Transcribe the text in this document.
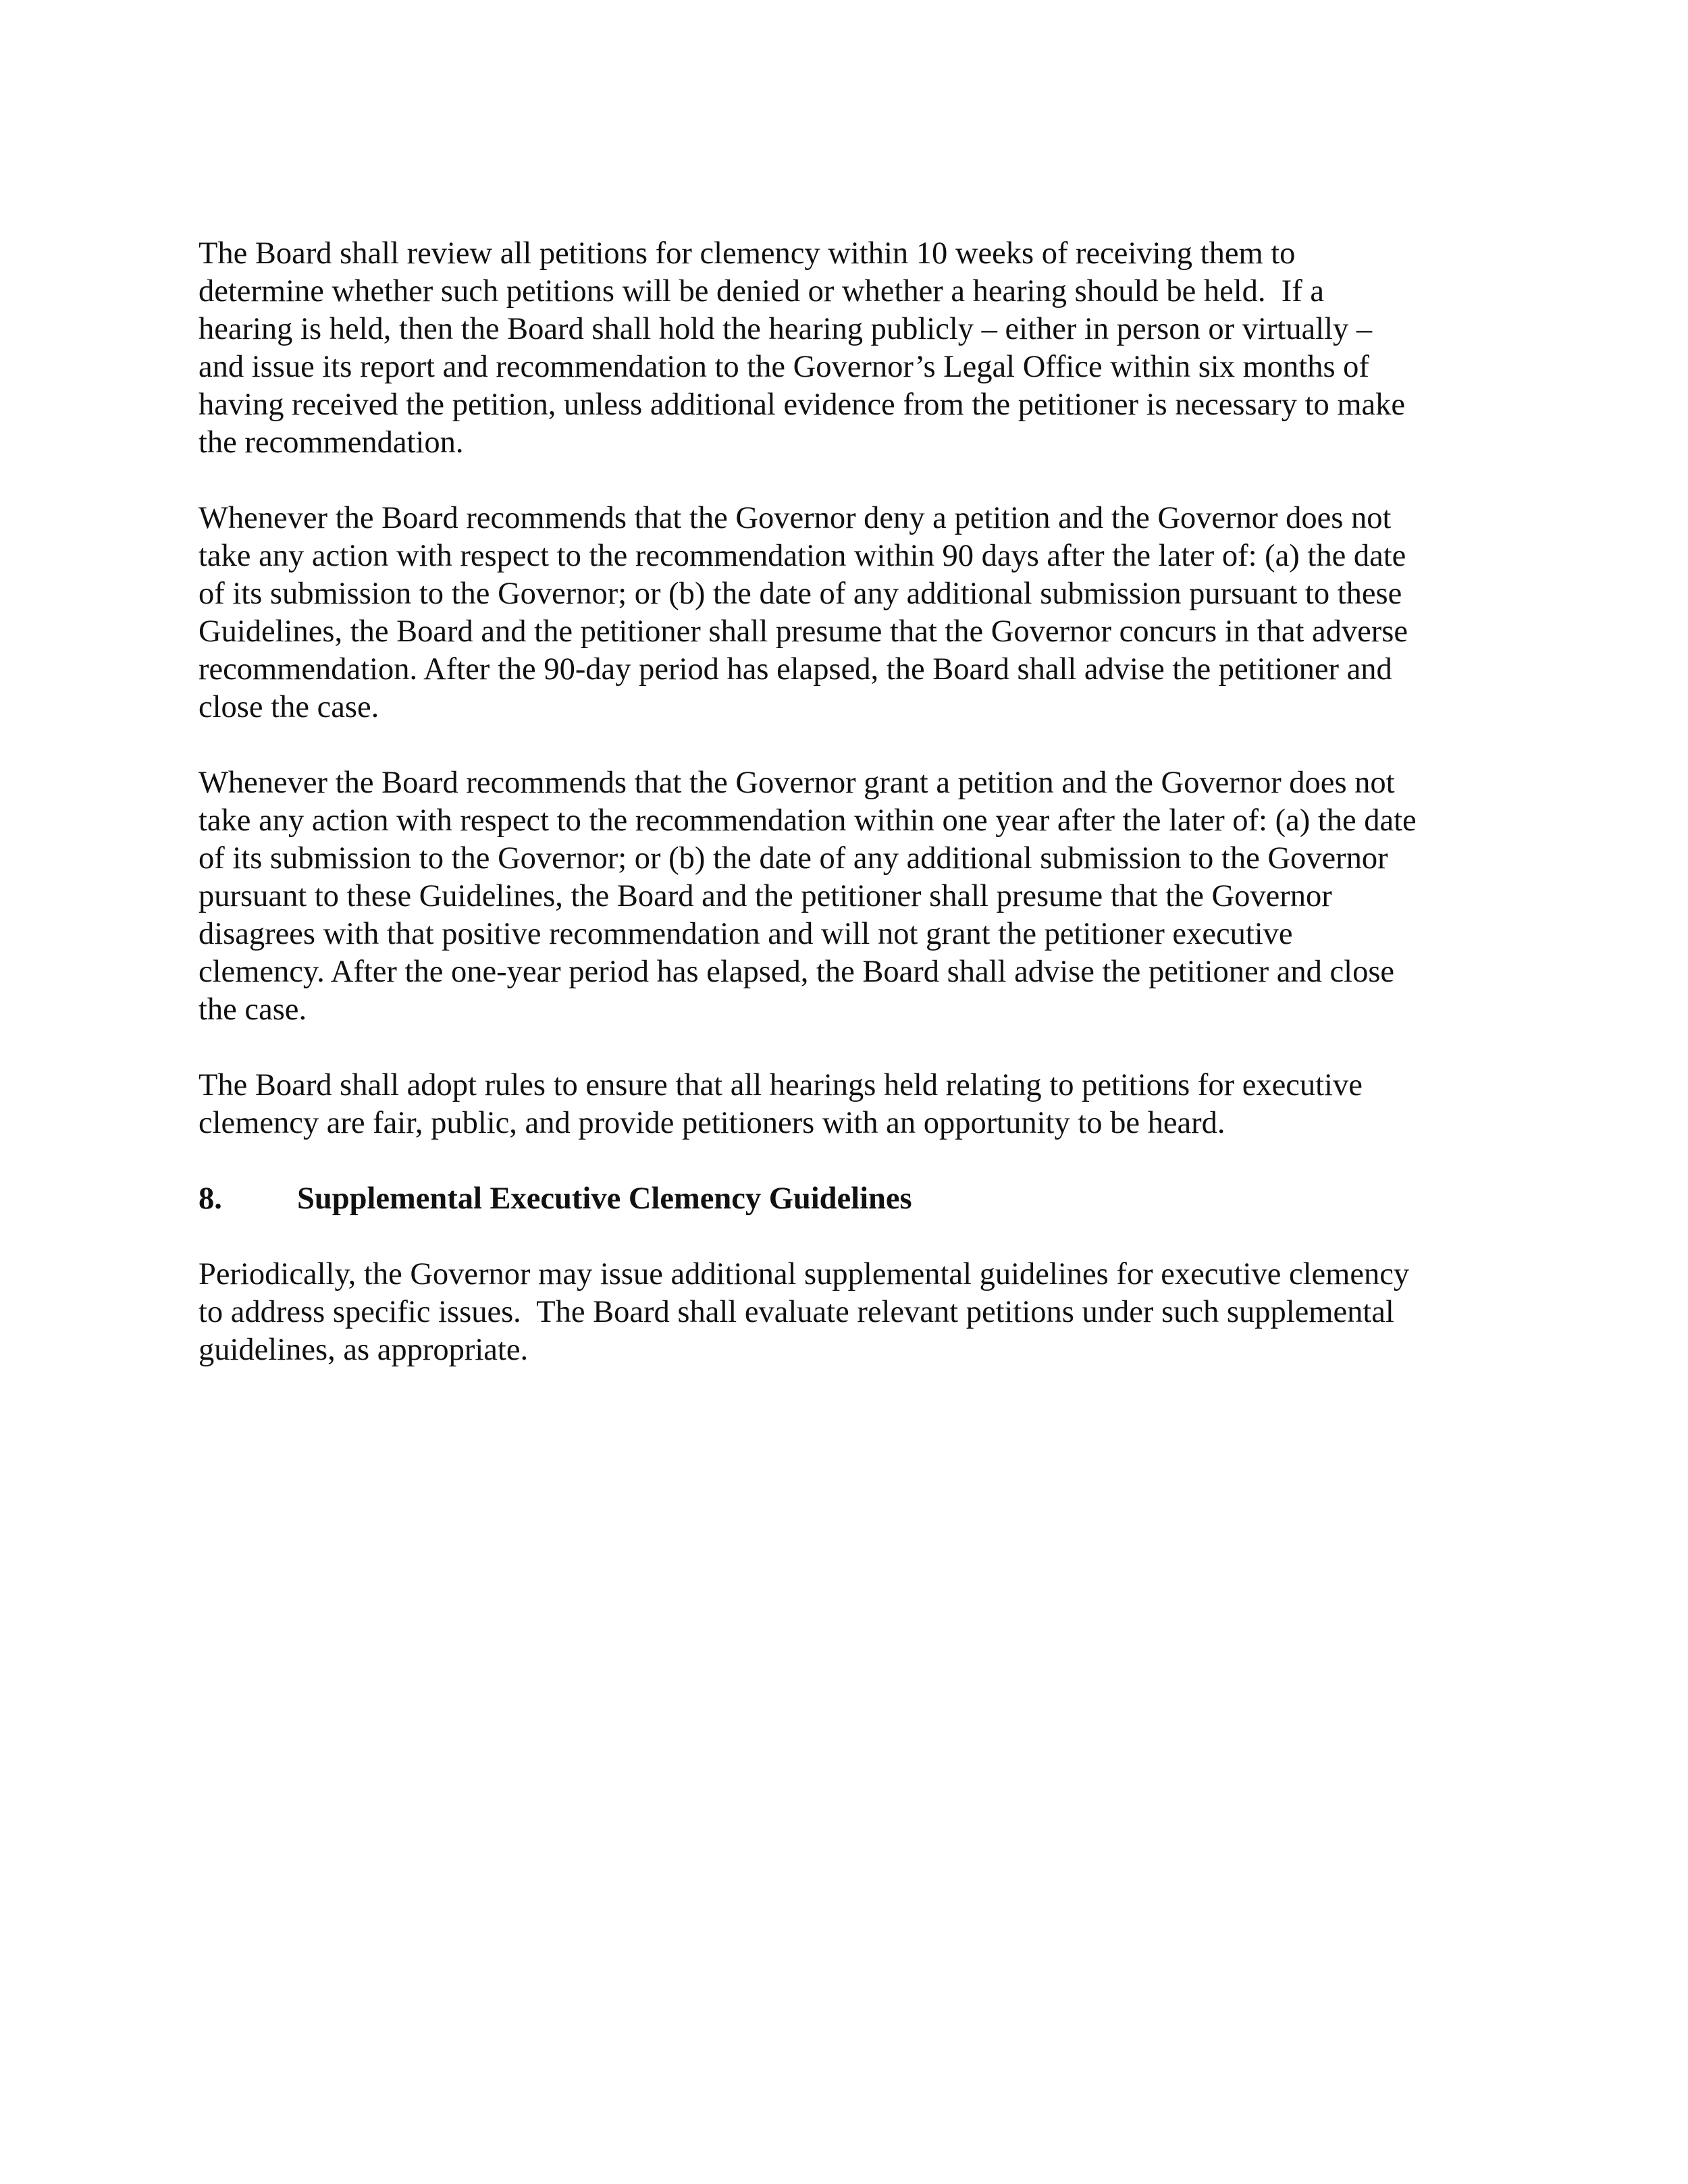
The Board shall review all petitions for clemency within 10 weeks of receiving them to
determine whether such petitions will be denied or whether a hearing should be held.  If a
hearing is held, then the Board shall hold the hearing publicly – either in person or virtually –
and issue its report and recommendation to the Governor’s Legal Office within six months of
having received the petition, unless additional evidence from the petitioner is necessary to make
the recommendation.

Whenever the Board recommends that the Governor deny a petition and the Governor does not
take any action with respect to the recommendation within 90 days after the later of: (a) the date
of its submission to the Governor; or (b) the date of any additional submission pursuant to these
Guidelines, the Board and the petitioner shall presume that the Governor concurs in that adverse
recommendation. After the 90-day period has elapsed, the Board shall advise the petitioner and
close the case.

Whenever the Board recommends that the Governor grant a petition and the Governor does not
take any action with respect to the recommendation within one year after the later of: (a) the date
of its submission to the Governor; or (b) the date of any additional submission to the Governor
pursuant to these Guidelines, the Board and the petitioner shall presume that the Governor
disagrees with that positive recommendation and will not grant the petitioner executive
clemency. After the one-year period has elapsed, the Board shall advise the petitioner and close
the case.

The Board shall adopt rules to ensure that all hearings held relating to petitions for executive
clemency are fair, public, and provide petitioners with an opportunity to be heard.

8. Supplemental Executive Clemency Guidelines

Periodically, the Governor may issue additional supplemental guidelines for executive clemency
to address specific issues.  The Board shall evaluate relevant petitions under such supplemental
guidelines, as appropriate.
